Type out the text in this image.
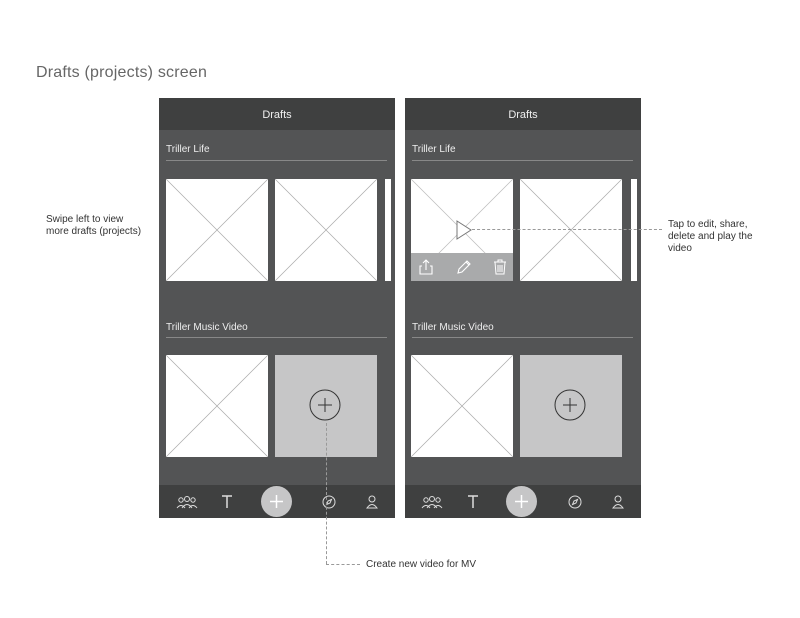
Drafts (projects) screen
Swipe left to view
more drafts (projects)
Tap to edit, share,
delete and play the
video
Create new video for MV
Drafts
Triller Life
Triller Music Video
Drafts
Triller Life
Triller Music Video
